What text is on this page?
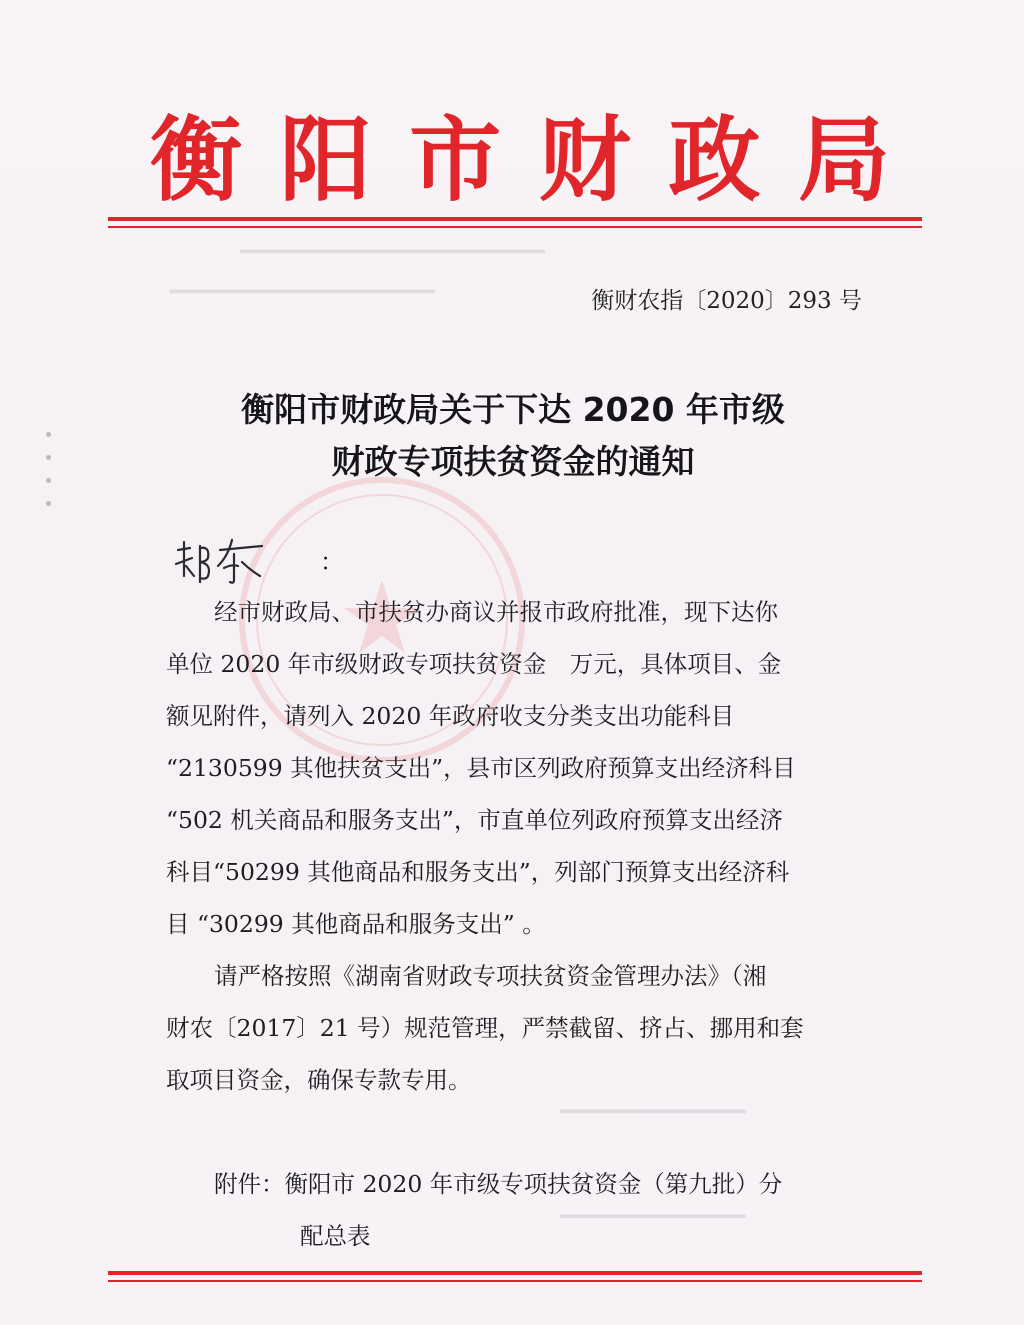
━━━━━━━━━━━━━━━━━━━━━━━
━━━━━━━━━━━━━━━━━━━━
━━━━━━━━━━━━━━
━━━━━━━━━━━━━━
衡 阳 市 财 政 局
衡财农指〔2020〕293 号
衡阳市财政局关于下达 2020 年市级
财政专项扶贫资金的通知
：
经市财政局、市扶贫办商议并报市政府批准，现下达你
单位 2020 年市级财政专项扶贫资金　万元，具体项目、金
额见附件，请列入 2020 年政府收支分类支出功能科目
“2130599 其他扶贫支出”，县市区列政府预算支出经济科目
“502 机关商品和服务支出”，市直单位列政府预算支出经济
科目“50299 其他商品和服务支出”，列部门预算支出经济科
目 “30299 其他商品和服务支出” 。
请严格按照《湖南省财政专项扶贫资金管理办法》（湘
财农〔2017〕21 号）规范管理，严禁截留、挤占、挪用和套
取项目资金，确保专款专用。
附件：衡阳市 2020 年市级专项扶贫资金（第九批）分
配总表
